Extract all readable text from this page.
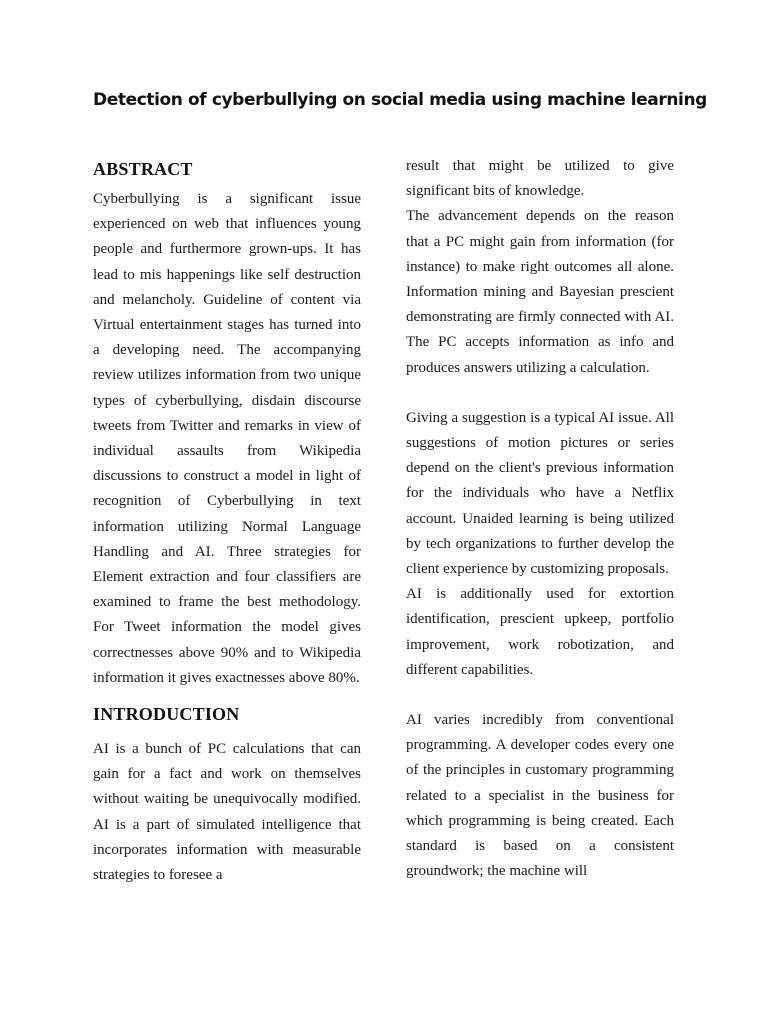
Detection of cyberbullying on social media using machine learning
ABSTRACT

Cyberbullying is a significant issue experienced on web that influences young people and furthermore grown-ups. It has lead to mis happenings like self destruction and melancholy. Guideline of content via Virtual entertainment stages has turned into a developing need. The accompanying review utilizes information from two unique types of cyberbullying, disdain discourse tweets from Twitter and remarks in view of individual assaults from Wikipedia discussions to construct a model in light of recognition of Cyberbullying in text information utilizing Normal Language Handling and AI. Three strategies for Element extraction and four classifiers are examined to frame the best methodology. For Tweet information the model gives correctnesses above 90% and to Wikipedia information it gives exactnesses above 80%.

INTRODUCTION

AI is a bunch of PC calculations that can gain for a fact and work on themselves without waiting be unequivocally modified. AI is a part of simulated intelligence that incorporates information with measurable strategies to foresee a

result that might be utilized to give significant bits of knowledge.

The advancement depends on the reason that a PC might gain from information (for instance) to make right outcomes all alone. Information mining and Bayesian prescient demonstrating are firmly connected with AI. The PC accepts information as info and produces answers utilizing a calculation.

Giving a suggestion is a typical AI issue. All suggestions of motion pictures or series depend on the client's previous information for the individuals who have a Netflix account. Unaided learning is being utilized by tech organizations to further develop the client experience by customizing proposals.

AI is additionally used for extortion identification, prescient upkeep, portfolio improvement, work robotization, and different capabilities.

AI varies incredibly from conventional programming. A developer codes every one of the principles in customary programming related to a specialist in the business for which programming is being created. Each standard is based on a consistent groundwork; the machine will
